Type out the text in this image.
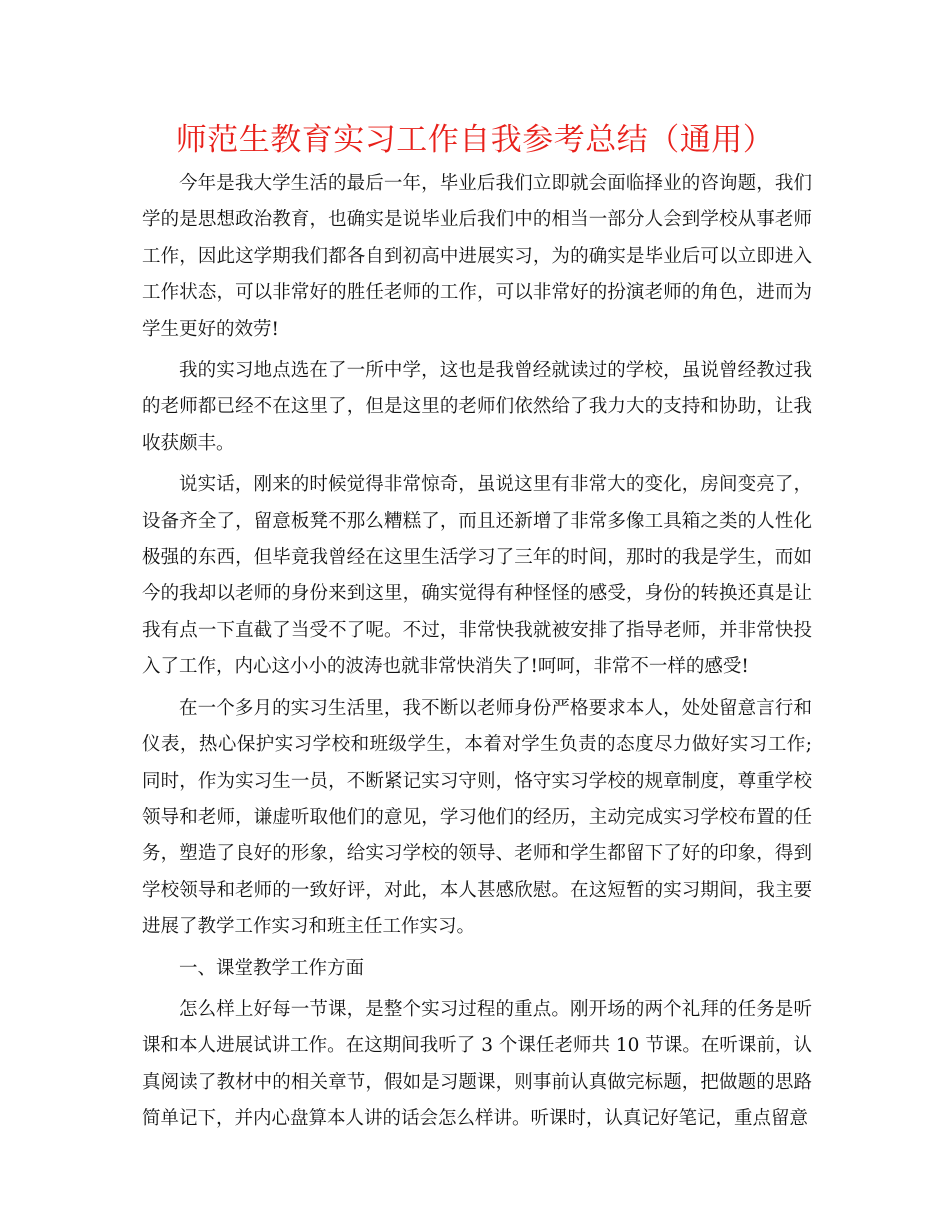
师范生教育实习工作自我参考总结（通用）

今年是我大学生活的最后一年，毕业后我们立即就会面临择业的咨询题，我们学的是思想政治教育，也确实是说毕业后我们中的相当一部分人会到学校从事老师工作，因此这学期我们都各自到初高中进展实习，为的确实是毕业后可以立即进入工作状态，可以非常好的胜任老师的工作，可以非常好的扮演老师的角色，进而为学生更好的效劳!

我的实习地点选在了一所中学，这也是我曾经就读过的学校，虽说曾经教过我的老师都已经不在这里了，但是这里的老师们依然给了我力大的支持和协助，让我收获颇丰。

说实话，刚来的时候觉得非常惊奇，虽说这里有非常大的变化，房间变亮了，设备齐全了，留意板凳不那么糟糕了，而且还新增了非常多像工具箱之类的人性化极强的东西，但毕竟我曾经在这里生活学习了三年的时间，那时的我是学生，而如今的我却以老师的身份来到这里，确实觉得有种怪怪的感受，身份的转换还真是让我有点一下直截了当受不了呢。不过，非常快我就被安排了指导老师，并非常快投入了工作，内心这小小的波涛也就非常快消失了!呵呵，非常不一样的感受!

在一个多月的实习生活里，我不断以老师身份严格要求本人，处处留意言行和仪表，热心保护实习学校和班级学生，本着对学生负责的态度尽力做好实习工作;同时，作为实习生一员，不断紧记实习守则，恪守实习学校的规章制度，尊重学校领导和老师，谦虚听取他们的意见，学习他们的经历，主动完成实习学校布置的任务，塑造了良好的形象，给实习学校的领导、老师和学生都留下了好的印象，得到学校领导和老师的一致好评，对此，本人甚感欣慰。在这短暂的实习期间，我主要进展了教学工作实习和班主任工作实习。

一、课堂教学工作方面

怎么样上好每一节课，是整个实习过程的重点。刚开场的两个礼拜的任务是听课和本人进展试讲工作。在这期间我听了 3 个课任老师共 10 节课。在听课前，认真阅读了教材中的相关章节，假如是习题课，则事前认真做完标题，把做题的思路简单记下，并内心盘算本人讲的话会怎么样讲。听课时，认真记好笔记，重点留意
